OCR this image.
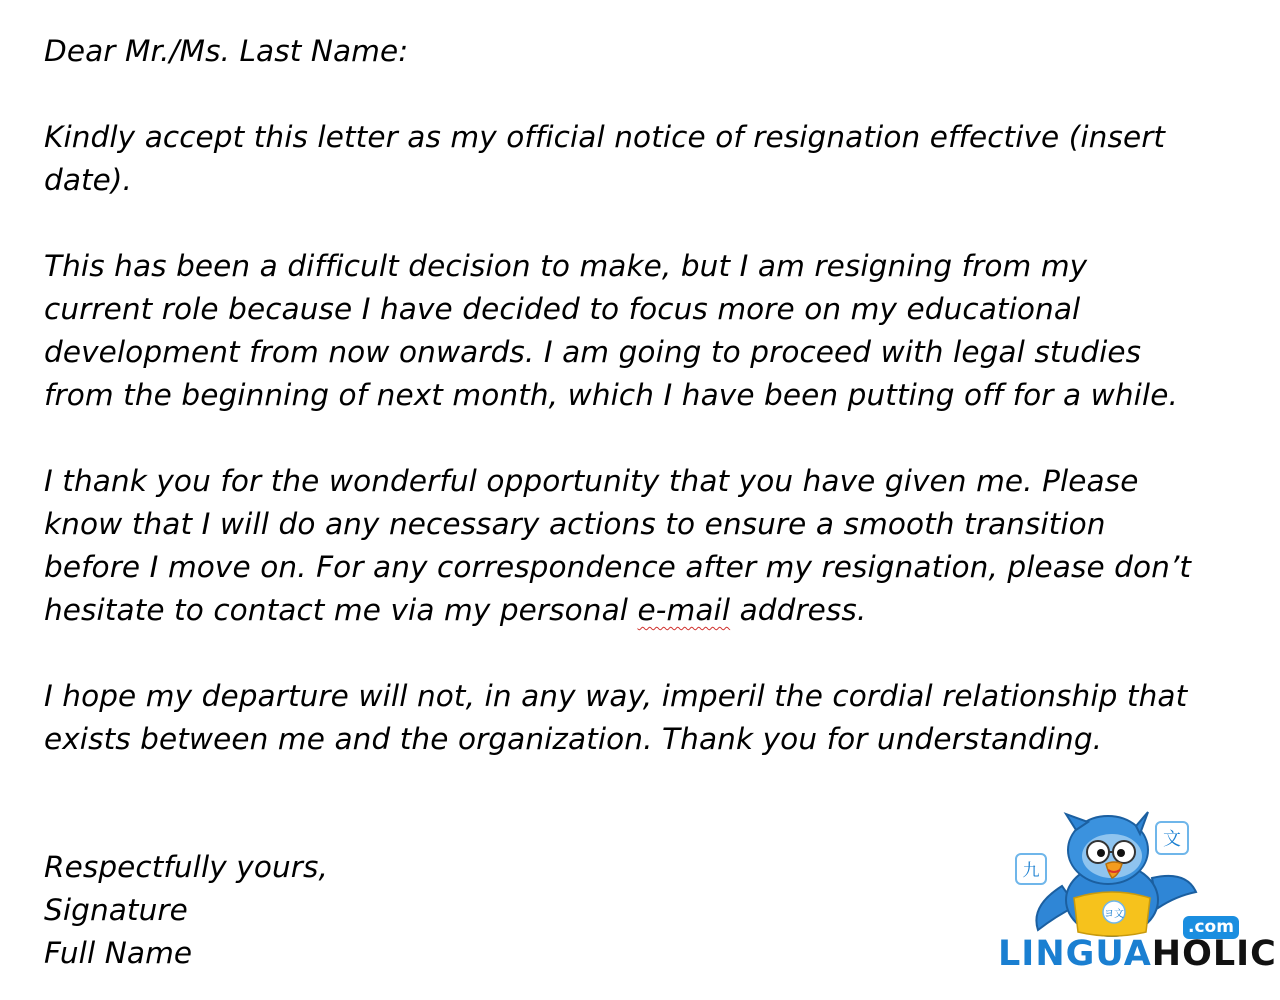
Dear Mr./Ms. Last Name:

Kindly accept this letter as my official notice of resignation effective (insert
date).

This has been a difficult decision to make, but I am resigning from my
current role because I have decided to focus more on my educational
development from now onwards. I am going to proceed with legal studies
from the beginning of next month, which I have been putting off for a while.

I thank you for the wonderful opportunity that you have given me. Please
know that I will do any necessary actions to ensure a smooth transition
before I move on. For any correspondence after my resignation, please don’t
hesitate to contact me via my personal e-mail address.

I hope my departure will not, in any way, imperil the cordial relationship that
exists between me and the organization. Thank you for understanding.

Respectfully yours,
Signature
Full Name

九
文
ヨ文
.com
LINGUAHOLIC
